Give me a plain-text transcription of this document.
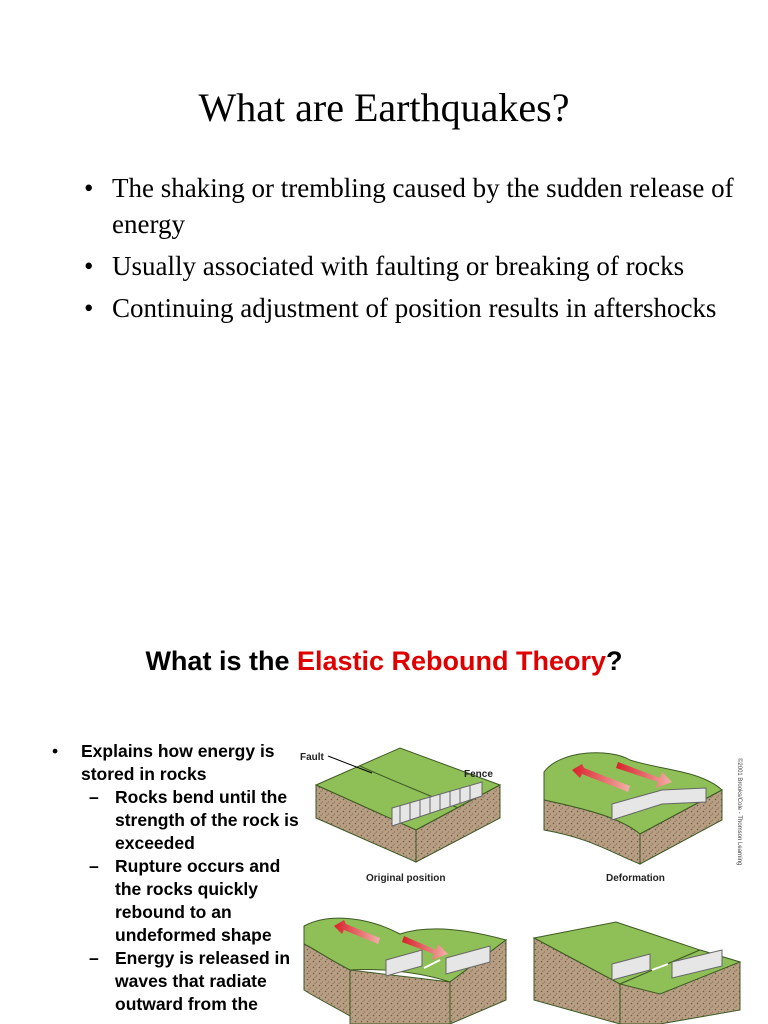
What are Earthquakes?
• The shaking or trembling caused by the sudden release of energy
• Usually associated with faulting or breaking of rocks
• Continuing adjustment of position results in aftershocks
What is the Elastic Rebound Theory?
• Explains how energy is stored in rocks
– Rocks bend until the strength of the rock is exceeded
– Rupture occurs and the rocks quickly rebound to an undeformed shape
– Energy is released in waves that radiate outward from the
Fault
Fence
Original position	Deformation
©2001 Brooks/Cole - Thomson Learning
